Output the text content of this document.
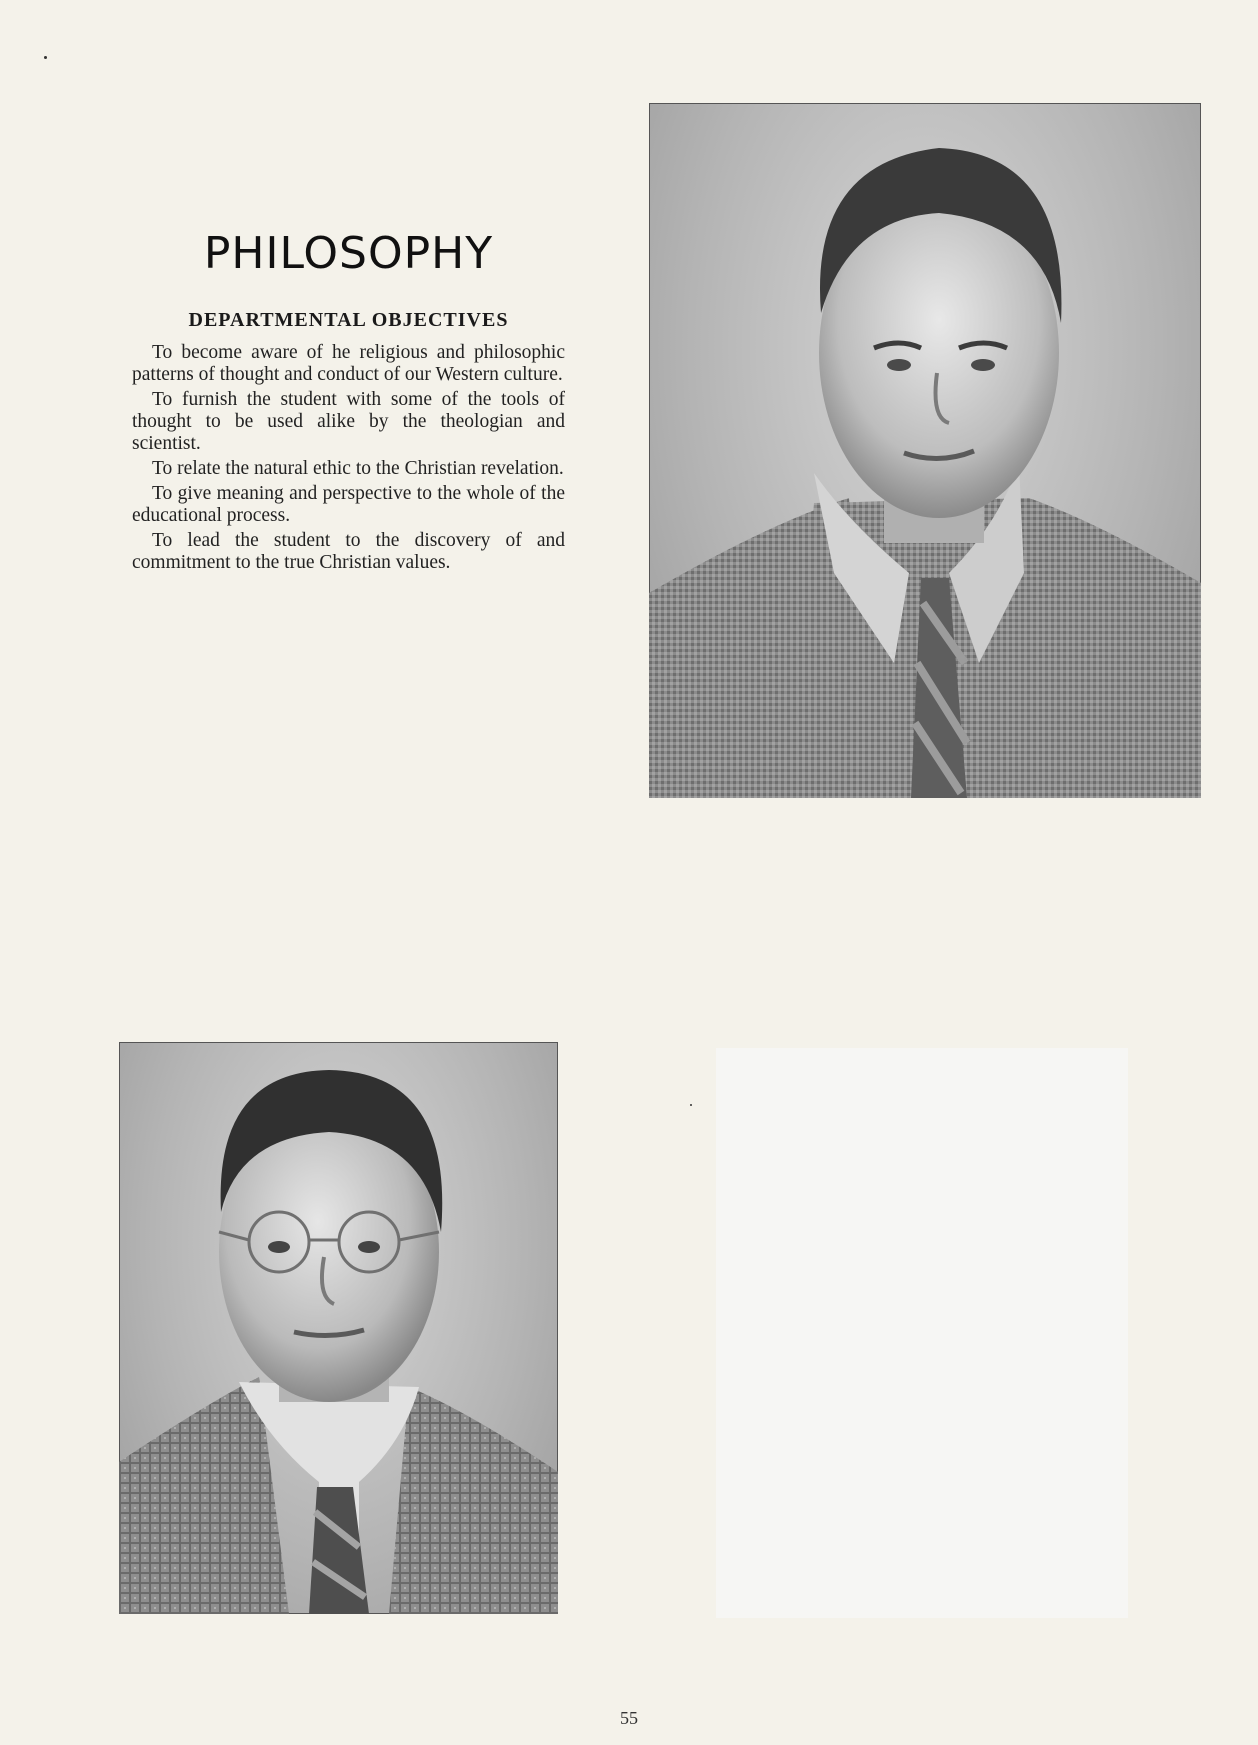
PHILOSOPHY
DEPARTMENTAL OBJECTIVES

To become aware of he religious and philosophic patterns of thought and conduct of our Western culture.

To furnish the student with some of the tools of thought to be used alike by the theologian and scientist.

To relate the natural ethic to the Christian revelation.

To give meaning and perspective to the whole of the educational process.

To lead the student to the discovery of and commitment to the true Christian values.

55
